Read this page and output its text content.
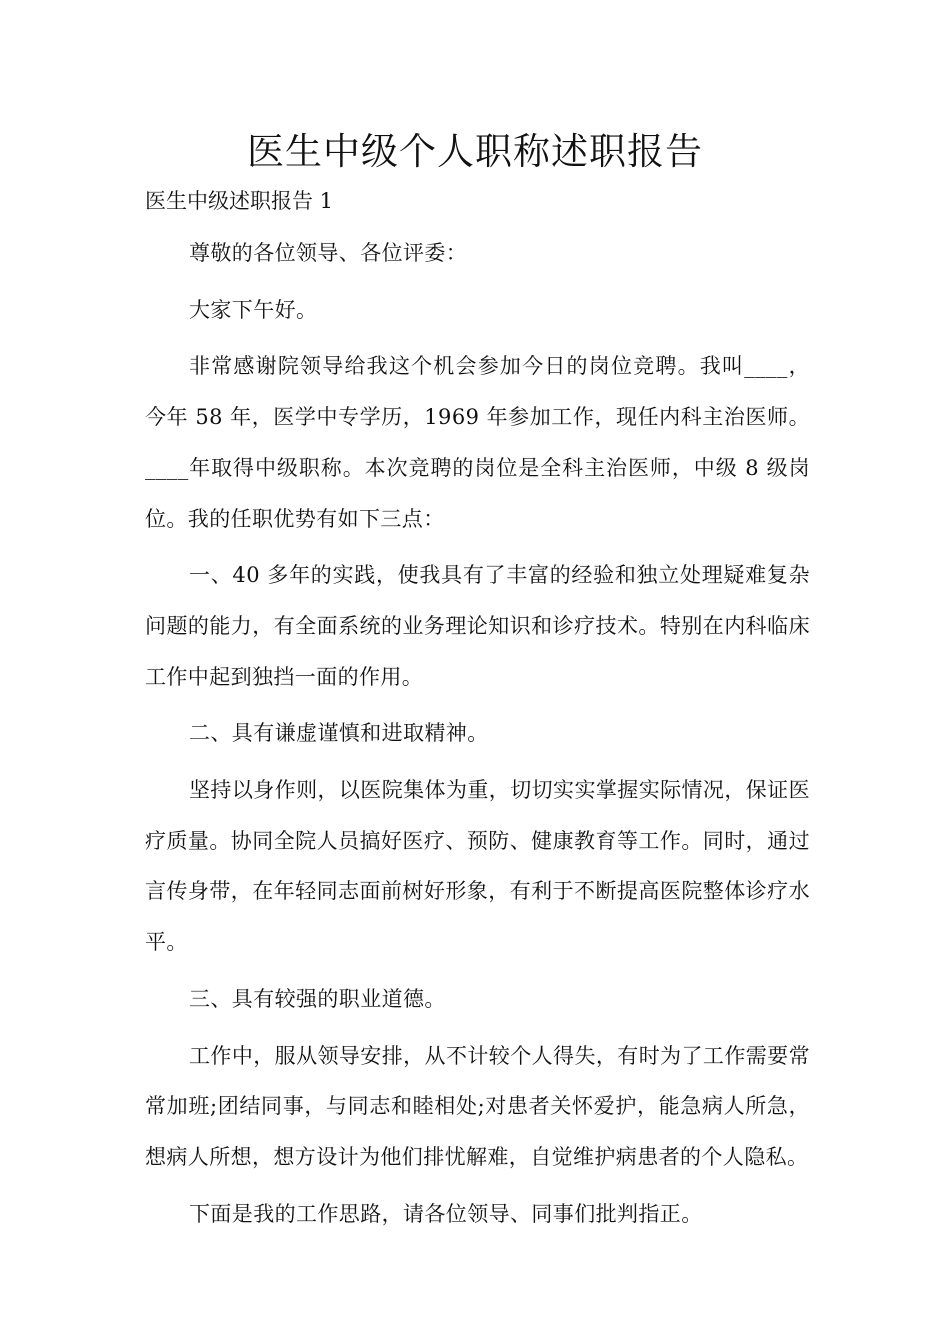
医生中级个人职称述职报告

医生中级述职报告 1

尊敬的各位领导、各位评委：

大家下午好。

非常感谢院领导给我这个机会参加今日的岗位竞聘。我叫____，今年 58 年，医学中专学历，1969 年参加工作，现任内科主治医师。____年取得中级职称。本次竞聘的岗位是全科主治医师，中级 8 级岗位。我的任职优势有如下三点：

一、40 多年的实践，使我具有了丰富的经验和独立处理疑难复杂问题的能力，有全面系统的业务理论知识和诊疗技术。特别在内科临床工作中起到独挡一面的作用。

二、具有谦虚谨慎和进取精神。

坚持以身作则，以医院集体为重，切切实实掌握实际情况，保证医疗质量。协同全院人员搞好医疗、预防、健康教育等工作。同时，通过言传身带，在年轻同志面前树好形象，有利于不断提高医院整体诊疗水平。

三、具有较强的职业道德。

工作中，服从领导安排，从不计较个人得失，有时为了工作需要常常加班;团结同事，与同志和睦相处;对患者关怀爱护，能急病人所急，想病人所想，想方设计为他们排忧解难，自觉维护病患者的个人隐私。

下面是我的工作思路，请各位领导、同事们批判指正。
